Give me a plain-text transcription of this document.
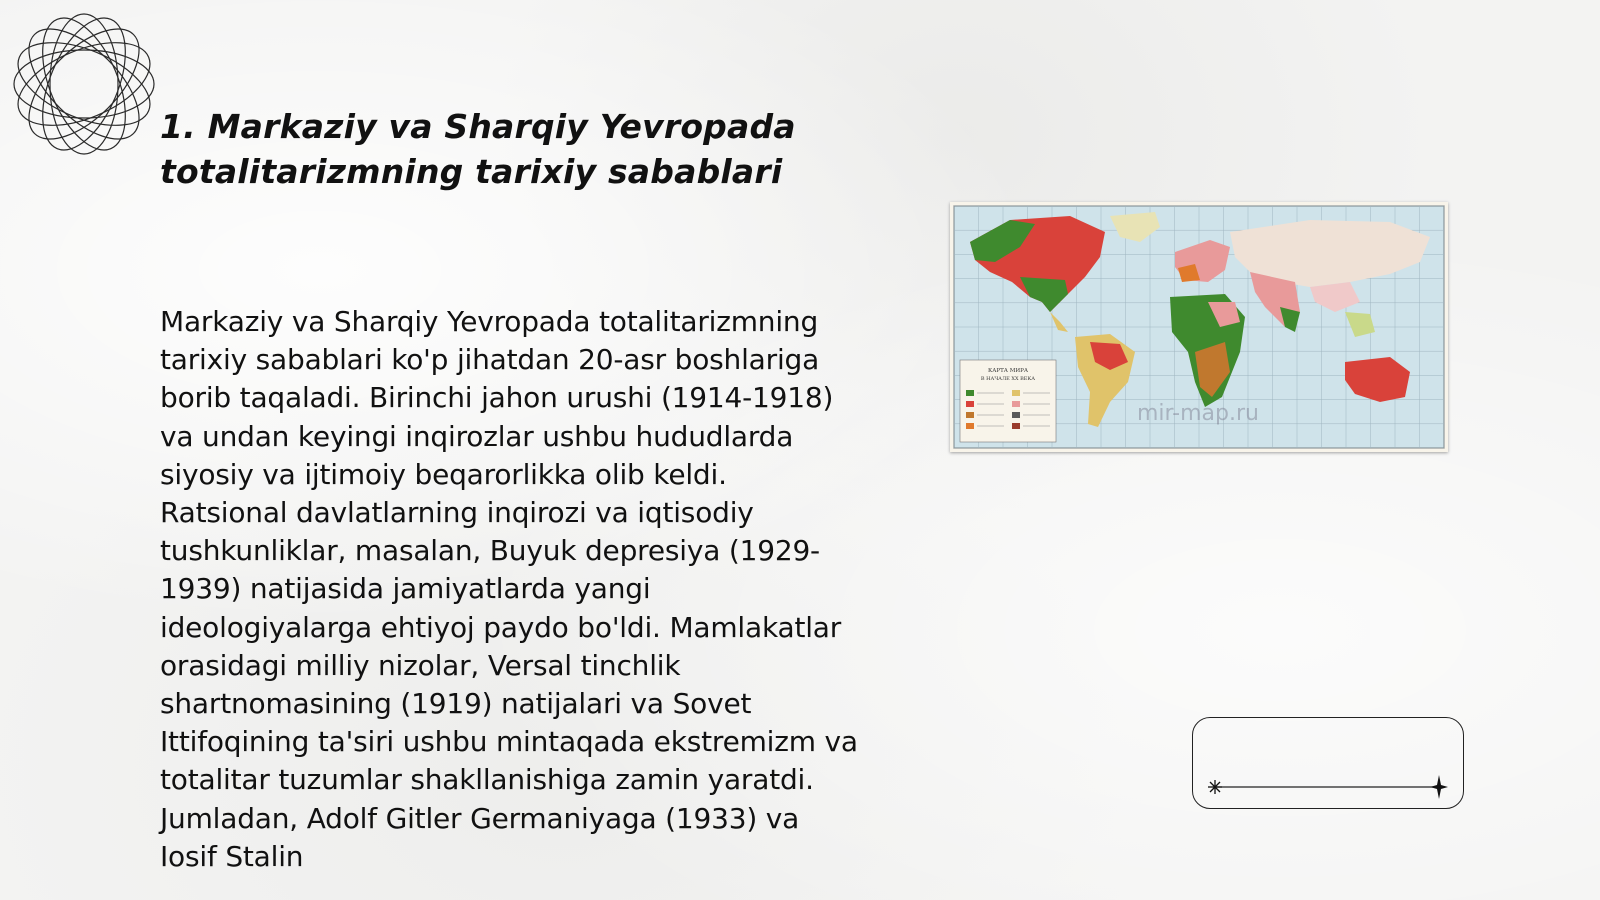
1. Markaziy va Sharqiy Yevropada totalitarizmning tarixiy sabablari

Markaziy va Sharqiy Yevropada totalitarizmning tarixiy sabablari ko'p jihatdan 20-asr boshlariga borib taqaladi. Birinchi jahon urushi (1914-1918) va undan keyingi inqirozlar ushbu hududlarda siyosiy va ijtimoiy beqarorlikka olib keldi. Ratsional davlatlarning inqirozi va iqtisodiy tushkunliklar, masalan, Buyuk depresiya (1929-1939) natijasida jamiyatlarda yangi ideologiyalarga ehtiyoj paydo bo'ldi. Mamlakatlar orasidagi milliy nizolar, Versal tinchlik shartnomasining (1919) natijalari va Sovet Ittifoqining ta'siri ushbu mintaqada ekstremizm va totalitar tuzumlar shakllanishiga zamin yaratdi. Jumladan, Adolf Gitler Germaniyaga (1933) va Iosif Stalin

КАРТА МИРА
В НАЧАЛЕ XX ВЕКА
mir-map.ru
